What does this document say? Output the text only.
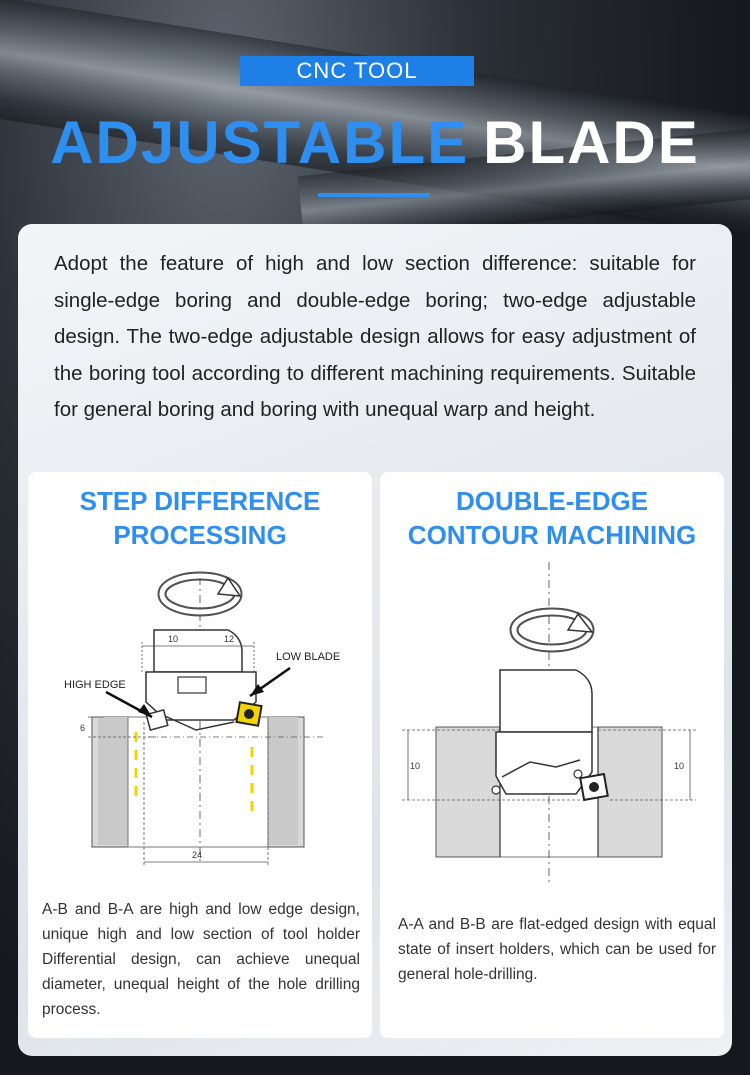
CNC TOOL
ADJUSTABLE BLADE

Adopt the feature of high and low section difference: suitable for single-edge boring and double-edge boring; two-edge adjustable design. The two-edge adjustable design allows for easy adjustment of the boring tool according to different machining requirements. Suitable for general boring and boring with unequal warp and height.

STEP DIFFERENCE
PROCESSING
10	12
6
24
HIGH EDGE
LOW BLADE

A-B and B-A are high and low edge design, unique high and low section of tool holder Differential design, can achieve unequal diameter, unequal height of the hole drilling process.

DOUBLE-EDGE
CONTOUR MACHINING
10	10

A-A and B-B are flat-edged design with equal state of insert holders, which can be used for general hole-drilling.
